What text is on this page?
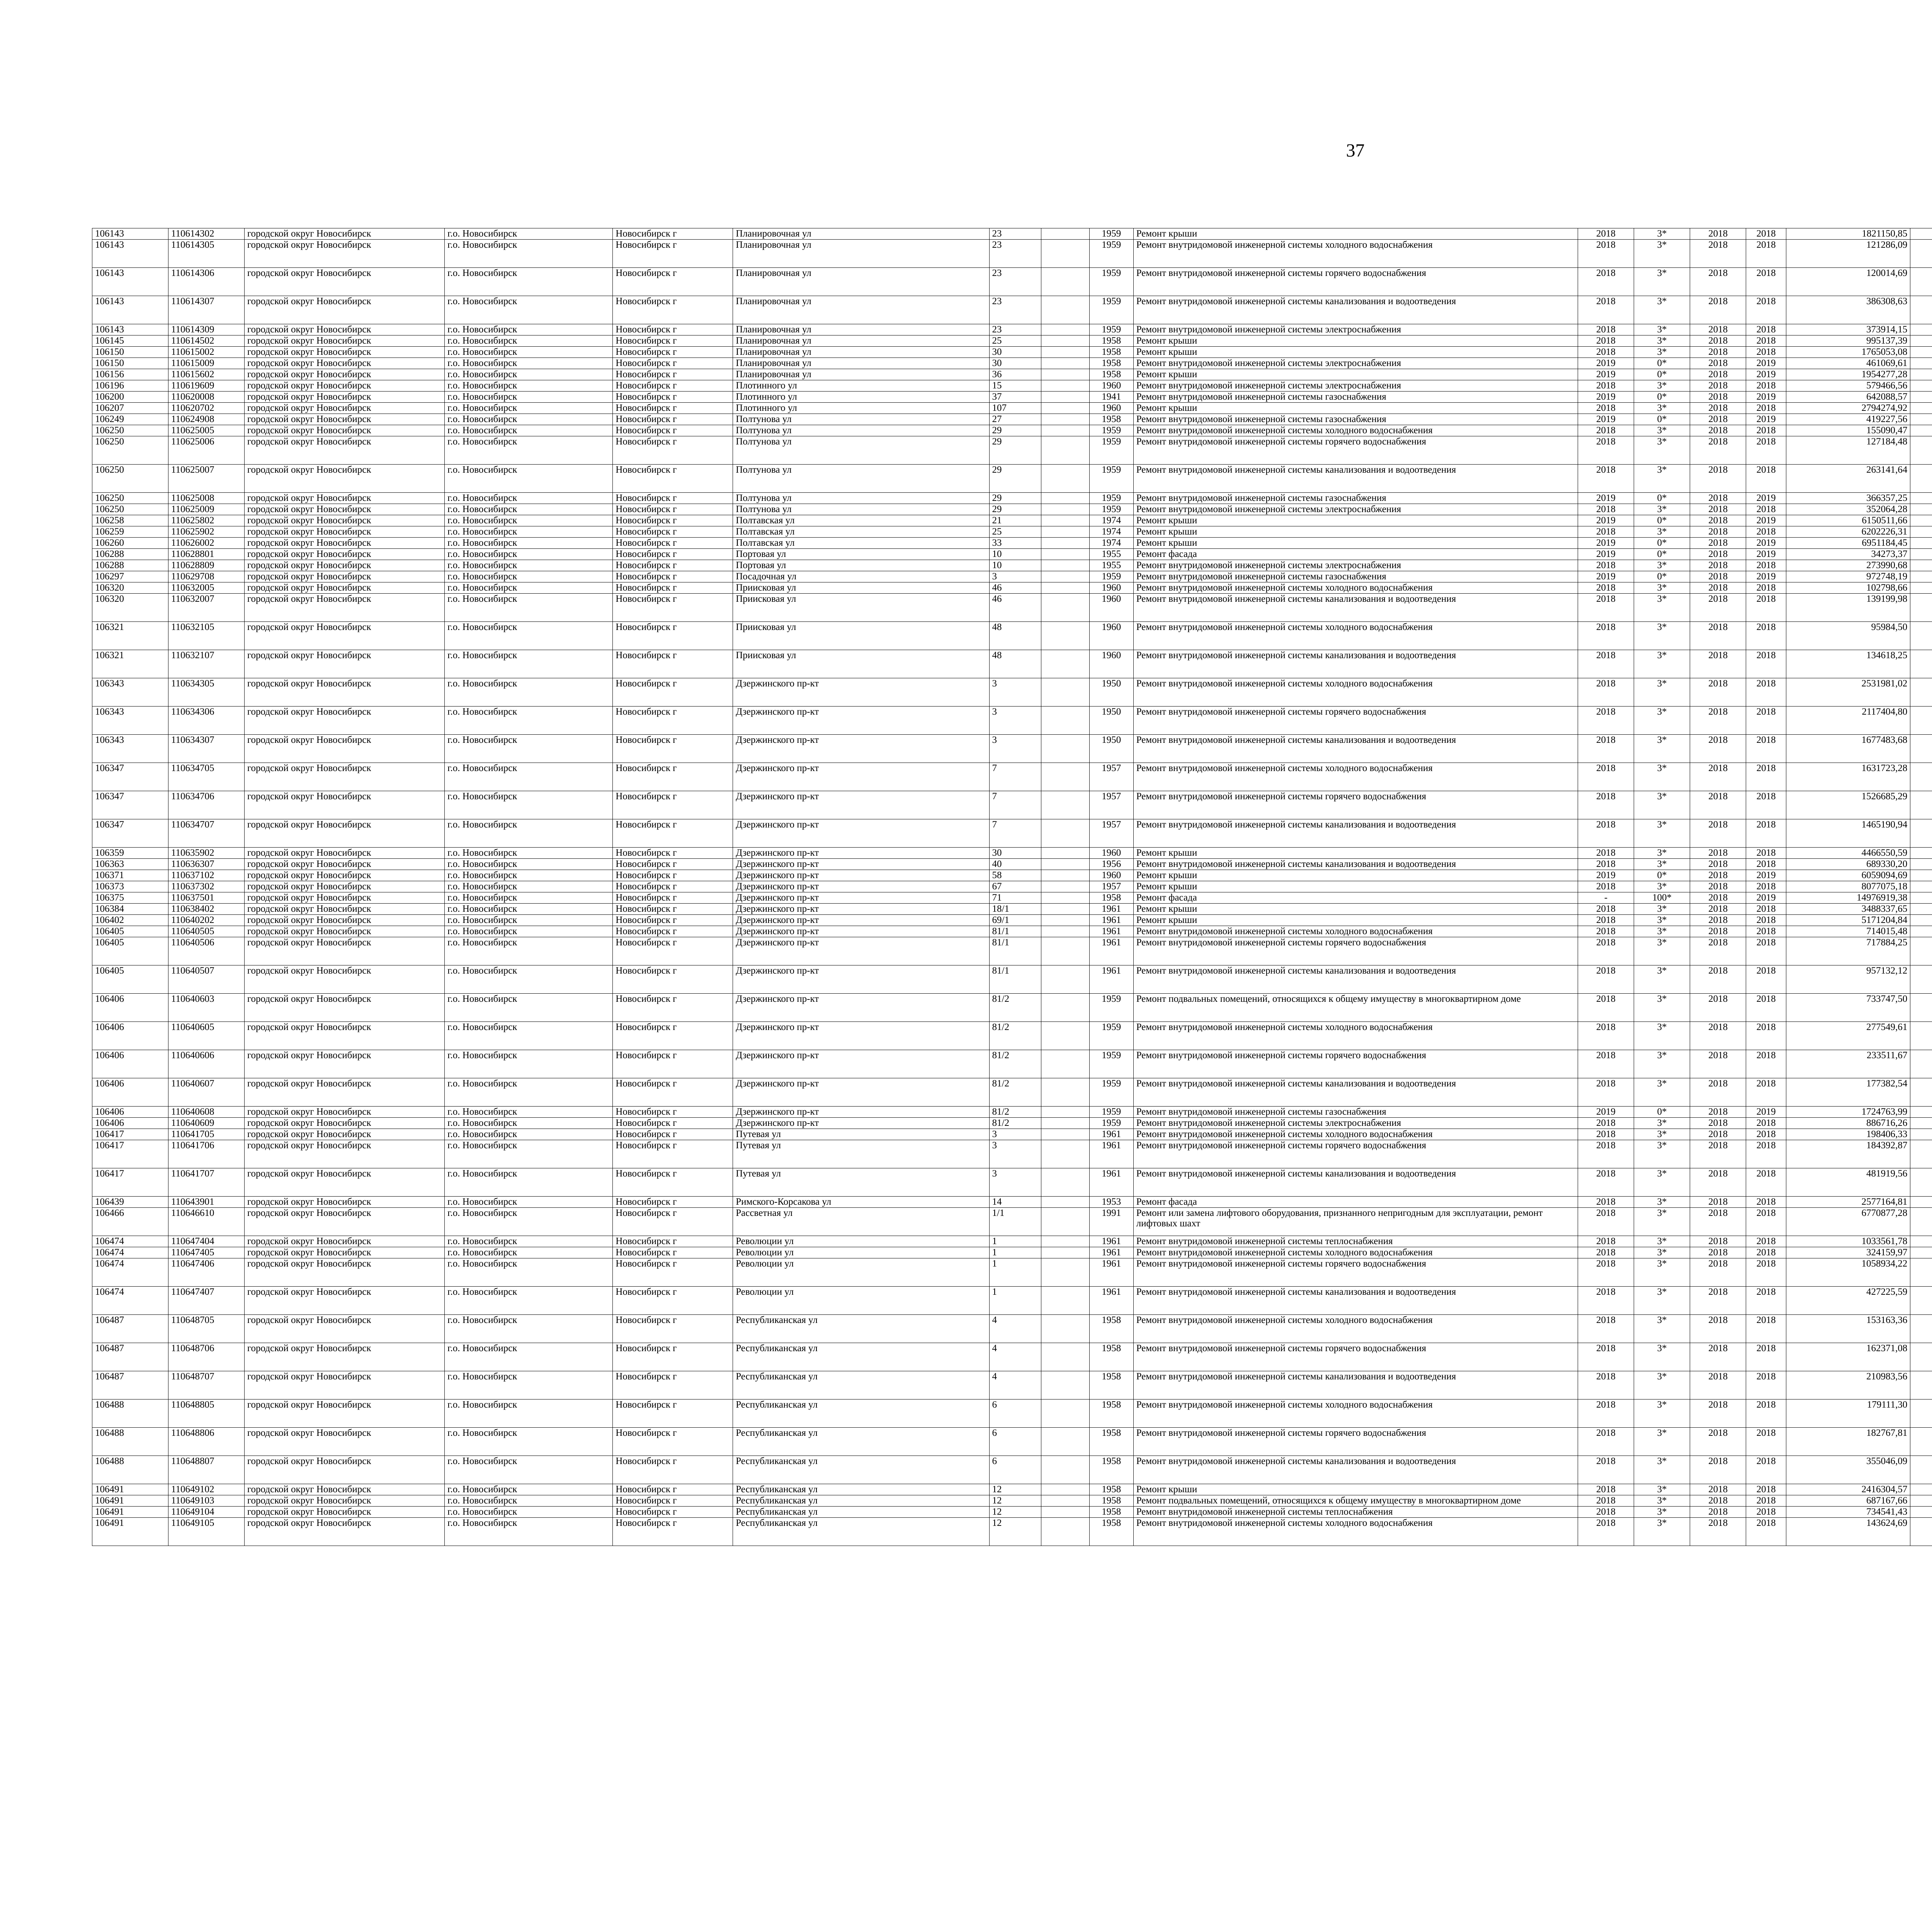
37
106143	110614302	городской округ Новосибирск	г.о. Новосибирск	Новосибирск г	Планировочная ул	23		1959	Ремонт крыши	2018	3*	2018	2018	1821150,85							
106143	110614305	городской округ Новосибирск	г.о. Новосибирск	Новосибирск г	Планировочная ул	23		1959	Ремонт внутридомовой инженерной системы холодного водоснабжения	2018	3*	2018	2018	121286,09							
106143	110614306	городской округ Новосибирск	г.о. Новосибирск	Новосибирск г	Планировочная ул	23		1959	Ремонт внутридомовой инженерной системы горячего водоснабжения	2018	3*	2018	2018	120014,69							
106143	110614307	городской округ Новосибирск	г.о. Новосибирск	Новосибирск г	Планировочная ул	23		1959	Ремонт внутридомовой инженерной системы канализования и водоотведения	2018	3*	2018	2018	386308,63							
106143	110614309	городской округ Новосибирск	г.о. Новосибирск	Новосибирск г	Планировочная ул	23		1959	Ремонт внутридомовой инженерной системы электроснабжения	2018	3*	2018	2018	373914,15							
106145	110614502	городской округ Новосибирск	г.о. Новосибирск	Новосибирск г	Планировочная ул	25		1958	Ремонт крыши	2018	3*	2018	2018	995137,39							
106150	110615002	городской округ Новосибирск	г.о. Новосибирск	Новосибирск г	Планировочная ул	30		1958	Ремонт крыши	2018	3*	2018	2018	1765053,08							
106150	110615009	городской округ Новосибирск	г.о. Новосибирск	Новосибирск г	Планировочная ул	30		1958	Ремонт внутридомовой инженерной системы электроснабжения	2019	0*	2018	2019	461069,61							
106156	110615602	городской округ Новосибирск	г.о. Новосибирск	Новосибирск г	Планировочная ул	36		1958	Ремонт крыши	2019	0*	2018	2019	1954277,28							
106196	110619609	городской округ Новосибирск	г.о. Новосибирск	Новосибирск г	Плотинного ул	15		1960	Ремонт внутридомовой инженерной системы электроснабжения	2018	3*	2018	2018	579466,56							
106200	110620008	городской округ Новосибирск	г.о. Новосибирск	Новосибирск г	Плотинного ул	37		1941	Ремонт внутридомовой инженерной системы газоснабжения	2019	0*	2018	2019	642088,57							
106207	110620702	городской округ Новосибирск	г.о. Новосибирск	Новосибирск г	Плотинного ул	107		1960	Ремонт крыши	2018	3*	2018	2018	2794274,92							
106249	110624908	городской округ Новосибирск	г.о. Новосибирск	Новосибирск г	Полтунова ул	27		1958	Ремонт внутридомовой инженерной системы газоснабжения	2019	0*	2018	2019	419227,56							
106250	110625005	городской округ Новосибирск	г.о. Новосибирск	Новосибирск г	Полтунова ул	29		1959	Ремонт внутридомовой инженерной системы холодного водоснабжения	2018	3*	2018	2018	155090,47							
106250	110625006	городской округ Новосибирск	г.о. Новосибирск	Новосибирск г	Полтунова ул	29		1959	Ремонт внутридомовой инженерной системы горячего водоснабжения	2018	3*	2018	2018	127184,48							
106250	110625007	городской округ Новосибирск	г.о. Новосибирск	Новосибирск г	Полтунова ул	29		1959	Ремонт внутридомовой инженерной системы канализования и водоотведения	2018	3*	2018	2018	263141,64							
106250	110625008	городской округ Новосибирск	г.о. Новосибирск	Новосибирск г	Полтунова ул	29		1959	Ремонт внутридомовой инженерной системы газоснабжения	2019	0*	2018	2019	366357,25							
106250	110625009	городской округ Новосибирск	г.о. Новосибирск	Новосибирск г	Полтунова ул	29		1959	Ремонт внутридомовой инженерной системы электроснабжения	2018	3*	2018	2018	352064,28							
106258	110625802	городской округ Новосибирск	г.о. Новосибирск	Новосибирск г	Полтавская ул	21		1974	Ремонт крыши	2019	0*	2018	2019	6150511,66							
106259	110625902	городской округ Новосибирск	г.о. Новосибирск	Новосибирск г	Полтавская ул	25		1974	Ремонт крыши	2018	3*	2018	2018	6202226,31							
106260	110626002	городской округ Новосибирск	г.о. Новосибирск	Новосибирск г	Полтавская ул	33		1974	Ремонт крыши	2019	0*	2018	2019	6951184,45							
106288	110628801	городской округ Новосибирск	г.о. Новосибирск	Новосибирск г	Портовая ул	10		1955	Ремонт фасада	2019	0*	2018	2019	34273,37							
106288	110628809	городской округ Новосибирск	г.о. Новосибирск	Новосибирск г	Портовая ул	10		1955	Ремонт внутридомовой инженерной системы электроснабжения	2018	3*	2018	2018	273990,68							
106297	110629708	городской округ Новосибирск	г.о. Новосибирск	Новосибирск г	Посадочная ул	3		1959	Ремонт внутридомовой инженерной системы газоснабжения	2019	0*	2018	2019	972748,19							
106320	110632005	городской округ Новосибирск	г.о. Новосибирск	Новосибирск г	Приисковая ул	46		1960	Ремонт внутридомовой инженерной системы холодного водоснабжения	2018	3*	2018	2018	102798,66							
106320	110632007	городской округ Новосибирск	г.о. Новосибирск	Новосибирск г	Приисковая ул	46		1960	Ремонт внутридомовой инженерной системы канализования и водоотведения	2018	3*	2018	2018	139199,98							
106321	110632105	городской округ Новосибирск	г.о. Новосибирск	Новосибирск г	Приисковая ул	48		1960	Ремонт внутридомовой инженерной системы холодного водоснабжения	2018	3*	2018	2018	95984,50							
106321	110632107	городской округ Новосибирск	г.о. Новосибирск	Новосибирск г	Приисковая ул	48		1960	Ремонт внутридомовой инженерной системы канализования и водоотведения	2018	3*	2018	2018	134618,25							
106343	110634305	городской округ Новосибирск	г.о. Новосибирск	Новосибирск г	Дзержинского пр-кт	3		1950	Ремонт внутридомовой инженерной системы холодного водоснабжения	2018	3*	2018	2018	2531981,02							
106343	110634306	городской округ Новосибирск	г.о. Новосибирск	Новосибирск г	Дзержинского пр-кт	3		1950	Ремонт внутридомовой инженерной системы горячего водоснабжения	2018	3*	2018	2018	2117404,80							
106343	110634307	городской округ Новосибирск	г.о. Новосибирск	Новосибирск г	Дзержинского пр-кт	3		1950	Ремонт внутридомовой инженерной системы канализования и водоотведения	2018	3*	2018	2018	1677483,68							
106347	110634705	городской округ Новосибирск	г.о. Новосибирск	Новосибирск г	Дзержинского пр-кт	7		1957	Ремонт внутридомовой инженерной системы холодного водоснабжения	2018	3*	2018	2018	1631723,28							
106347	110634706	городской округ Новосибирск	г.о. Новосибирск	Новосибирск г	Дзержинского пр-кт	7		1957	Ремонт внутридомовой инженерной системы горячего водоснабжения	2018	3*	2018	2018	1526685,29							
106347	110634707	городской округ Новосибирск	г.о. Новосибирск	Новосибирск г	Дзержинского пр-кт	7		1957	Ремонт внутридомовой инженерной системы канализования и водоотведения	2018	3*	2018	2018	1465190,94							
106359	110635902	городской округ Новосибирск	г.о. Новосибирск	Новосибирск г	Дзержинского пр-кт	30		1960	Ремонт крыши	2018	3*	2018	2018	4466550,59							
106363	110636307	городской округ Новосибирск	г.о. Новосибирск	Новосибирск г	Дзержинского пр-кт	40		1956	Ремонт внутридомовой инженерной системы канализования и водоотведения	2018	3*	2018	2018	689330,20							
106371	110637102	городской округ Новосибирск	г.о. Новосибирск	Новосибирск г	Дзержинского пр-кт	58		1960	Ремонт крыши	2019	0*	2018	2019	6059094,69							
106373	110637302	городской округ Новосибирск	г.о. Новосибирск	Новосибирск г	Дзержинского пр-кт	67		1957	Ремонт крыши	2018	3*	2018	2018	8077075,18							
106375	110637501	городской округ Новосибирск	г.о. Новосибирск	Новосибирск г	Дзержинского пр-кт	71		1958	Ремонт фасада	-	100*	2018	2019	14976919,38							
106384	110638402	городской округ Новосибирск	г.о. Новосибирск	Новосибирск г	Дзержинского пр-кт	18/1		1961	Ремонт крыши	2018	3*	2018	2018	3488337,65							
106402	110640202	городской округ Новосибирск	г.о. Новосибирск	Новосибирск г	Дзержинского пр-кт	69/1		1961	Ремонт крыши	2018	3*	2018	2018	5171204,84							
106405	110640505	городской округ Новосибирск	г.о. Новосибирск	Новосибирск г	Дзержинского пр-кт	81/1		1961	Ремонт внутридомовой инженерной системы холодного водоснабжения	2018	3*	2018	2018	714015,48							
106405	110640506	городской округ Новосибирск	г.о. Новосибирск	Новосибирск г	Дзержинского пр-кт	81/1		1961	Ремонт внутридомовой инженерной системы горячего водоснабжения	2018	3*	2018	2018	717884,25							
106405	110640507	городской округ Новосибирск	г.о. Новосибирск	Новосибирск г	Дзержинского пр-кт	81/1		1961	Ремонт внутридомовой инженерной системы канализования и водоотведения	2018	3*	2018	2018	957132,12							
106406	110640603	городской округ Новосибирск	г.о. Новосибирск	Новосибирск г	Дзержинского пр-кт	81/2		1959	Ремонт подвальных помещений, относящихся к общему имуществу в многоквартирном доме	2018	3*	2018	2018	733747,50							
106406	110640605	городской округ Новосибирск	г.о. Новосибирск	Новосибирск г	Дзержинского пр-кт	81/2		1959	Ремонт внутридомовой инженерной системы холодного водоснабжения	2018	3*	2018	2018	277549,61							
106406	110640606	городской округ Новосибирск	г.о. Новосибирск	Новосибирск г	Дзержинского пр-кт	81/2		1959	Ремонт внутридомовой инженерной системы горячего водоснабжения	2018	3*	2018	2018	233511,67							
106406	110640607	городской округ Новосибирск	г.о. Новосибирск	Новосибирск г	Дзержинского пр-кт	81/2		1959	Ремонт внутридомовой инженерной системы канализования и водоотведения	2018	3*	2018	2018	177382,54							
106406	110640608	городской округ Новосибирск	г.о. Новосибирск	Новосибирск г	Дзержинского пр-кт	81/2		1959	Ремонт внутридомовой инженерной системы газоснабжения	2019	0*	2018	2019	1724763,99							
106406	110640609	городской округ Новосибирск	г.о. Новосибирск	Новосибирск г	Дзержинского пр-кт	81/2		1959	Ремонт внутридомовой инженерной системы электроснабжения	2018	3*	2018	2018	886716,26							
106417	110641705	городской округ Новосибирск	г.о. Новосибирск	Новосибирск г	Путевая ул	3		1961	Ремонт внутридомовой инженерной системы холодного водоснабжения	2018	3*	2018	2018	198406,33							
106417	110641706	городской округ Новосибирск	г.о. Новосибирск	Новосибирск г	Путевая ул	3		1961	Ремонт внутридомовой инженерной системы горячего водоснабжения	2018	3*	2018	2018	184392,87							
106417	110641707	городской округ Новосибирск	г.о. Новосибирск	Новосибирск г	Путевая ул	3		1961	Ремонт внутридомовой инженерной системы канализования и водоотведения	2018	3*	2018	2018	481919,56							
106439	110643901	городской округ Новосибирск	г.о. Новосибирск	Новосибирск г	Римского-Корсакова ул	14		1953	Ремонт фасада	2018	3*	2018	2018	2577164,81							
106466	110646610	городской округ Новосибирск	г.о. Новосибирск	Новосибирск г	Рассветная ул	1/1		1991	Ремонт или замена лифтового оборудования, признанного непригодным для эксплуатации, ремонт лифтовых шахт	2018	3*	2018	2018	6770877,28							
106474	110647404	городской округ Новосибирск	г.о. Новосибирск	Новосибирск г	Революции ул	1		1961	Ремонт внутридомовой инженерной системы теплоснабжения	2018	3*	2018	2018	1033561,78							
106474	110647405	городской округ Новосибирск	г.о. Новосибирск	Новосибирск г	Революции ул	1		1961	Ремонт внутридомовой инженерной системы холодного водоснабжения	2018	3*	2018	2018	324159,97							
106474	110647406	городской округ Новосибирск	г.о. Новосибирск	Новосибирск г	Революции ул	1		1961	Ремонт внутридомовой инженерной системы горячего водоснабжения	2018	3*	2018	2018	1058934,22							
106474	110647407	городской округ Новосибирск	г.о. Новосибирск	Новосибирск г	Революции ул	1		1961	Ремонт внутридомовой инженерной системы канализования и водоотведения	2018	3*	2018	2018	427225,59							
106487	110648705	городской округ Новосибирск	г.о. Новосибирск	Новосибирск г	Республиканская ул	4		1958	Ремонт внутридомовой инженерной системы холодного водоснабжения	2018	3*	2018	2018	153163,36							
106487	110648706	городской округ Новосибирск	г.о. Новосибирск	Новосибирск г	Республиканская ул	4		1958	Ремонт внутридомовой инженерной системы горячего водоснабжения	2018	3*	2018	2018	162371,08							
106487	110648707	городской округ Новосибирск	г.о. Новосибирск	Новосибирск г	Республиканская ул	4		1958	Ремонт внутридомовой инженерной системы канализования и водоотведения	2018	3*	2018	2018	210983,56							
106488	110648805	городской округ Новосибирск	г.о. Новосибирск	Новосибирск г	Республиканская ул	6		1958	Ремонт внутридомовой инженерной системы холодного водоснабжения	2018	3*	2018	2018	179111,30							
106488	110648806	городской округ Новосибирск	г.о. Новосибирск	Новосибирск г	Республиканская ул	6		1958	Ремонт внутридомовой инженерной системы горячего водоснабжения	2018	3*	2018	2018	182767,81							
106488	110648807	городской округ Новосибирск	г.о. Новосибирск	Новосибирск г	Республиканская ул	6		1958	Ремонт внутридомовой инженерной системы канализования и водоотведения	2018	3*	2018	2018	355046,09							
106491	110649102	городской округ Новосибирск	г.о. Новосибирск	Новосибирск г	Республиканская ул	12		1958	Ремонт крыши	2018	3*	2018	2018	2416304,57							
106491	110649103	городской округ Новосибирск	г.о. Новосибирск	Новосибирск г	Республиканская ул	12		1958	Ремонт подвальных помещений, относящихся к общему имуществу в многоквартирном доме	2018	3*	2018	2018	687167,66							
106491	110649104	городской округ Новосибирск	г.о. Новосибирск	Новосибирск г	Республиканская ул	12		1958	Ремонт внутридомовой инженерной системы теплоснабжения	2018	3*	2018	2018	734541,43							
106491	110649105	городской округ Новосибирск	г.о. Новосибирск	Новосибирск г	Республиканская ул	12		1958	Ремонт внутридомовой инженерной системы холодного водоснабжения	2018	3*	2018	2018	143624,69							
